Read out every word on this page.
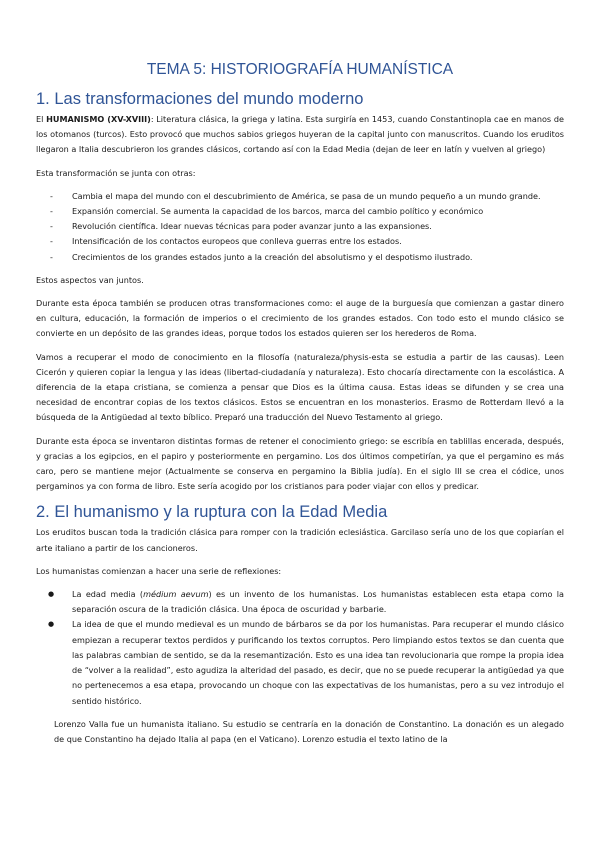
TEMA 5: HISTORIOGRAFÍA HUMANÍSTICA
1. Las transformaciones del mundo moderno

El HUMANISMO (XV-XVIII): Literatura clásica, la griega y latina. Esta surgiría en 1453, cuando Constantinopla cae en manos de los otomanos (turcos). Esto provocó que muchos sabios griegos huyeran de la capital junto con manuscritos. Cuando los eruditos llegaron a Italia descubrieron los grandes clásicos, cortando así con la Edad Media (dejan de leer en latín y vuelven al griego)

Esta transformación se junta con otras:

- Cambia el mapa del mundo con el descubrimiento de América, se pasa de un mundo pequeño a un mundo grande.
- Expansión comercial. Se aumenta la capacidad de los barcos, marca del cambio político y económico
- Revolución científica. Idear nuevas técnicas para poder avanzar junto a las expansiones.
- Intensificación de los contactos europeos que conlleva guerras entre los estados.
- Crecimientos de los grandes estados junto a la creación del absolutismo y el despotismo ilustrado.

Estos aspectos van juntos.

Durante esta época también se producen otras transformaciones como: el auge de la burguesía que comienzan a gastar dinero en cultura, educación, la formación de imperios o el crecimiento de los grandes estados. Con todo esto el mundo clásico se convierte en un depósito de las grandes ideas, porque todos los estados quieren ser los herederos de Roma.

Vamos a recuperar el modo de conocimiento en la filosofía (naturaleza/physis-esta se estudia a partir de las causas). Leen Cicerón y quieren copiar la lengua y las ideas (libertad-ciudadanía y naturaleza). Esto chocaría directamente con la escolástica. A diferencia de la etapa cristiana, se comienza a pensar que Dios es la última causa. Estas ideas se difunden y se crea una necesidad de encontrar copias de los textos clásicos. Estos se encuentran en los monasterios. Erasmo de Rotterdam llevó a la búsqueda de la Antigüedad al texto bíblico. Preparó una traducción del Nuevo Testamento al griego.

Durante esta época se inventaron distintas formas de retener el conocimiento griego: se escribía en tablillas encerada, después, y gracias a los egipcios, en el papiro y posteriormente en pergamino. Los dos últimos competirían, ya que el pergamino es más caro, pero se mantiene mejor (Actualmente se conserva en pergamino la Biblia judía). En el siglo III se crea el códice, unos pergaminos ya con forma de libro. Este sería acogido por los cristianos para poder viajar con ellos y predicar.

2. El humanismo y la ruptura con la Edad Media

Los eruditos buscan toda la tradición clásica para romper con la tradición eclesiástica. Garcilaso sería uno de los que copiarían el arte italiano a partir de los cancioneros.

Los humanistas comienzan a hacer una serie de reflexiones:

● La edad media (médium aevum) es un invento de los humanistas. Los humanistas establecen esta etapa como la separación oscura de la tradición clásica. Una época de oscuridad y barbarie.
● La idea de que el mundo medieval es un mundo de bárbaros se da por los humanistas. Para recuperar el mundo clásico empiezan a recuperar textos perdidos y purificando los textos corruptos. Pero limpiando estos textos se dan cuenta que las palabras cambian de sentido, se da la resemantización. Esto es una idea tan revolucionaria que rompe la propia idea de “volver a la realidad”, esto agudiza la alteridad del pasado, es decir, que no se puede recuperar la antigüedad ya que no pertenecemos a esa etapa, provocando un choque con las expectativas de los humanistas, pero a su vez introdujo el sentido histórico.

Lorenzo Valla fue un humanista italiano. Su estudio se centraría en la donación de Constantino. La donación es un alegado de que Constantino ha dejado Italia al papa (en el Vaticano). Lorenzo estudia el texto latino de la
